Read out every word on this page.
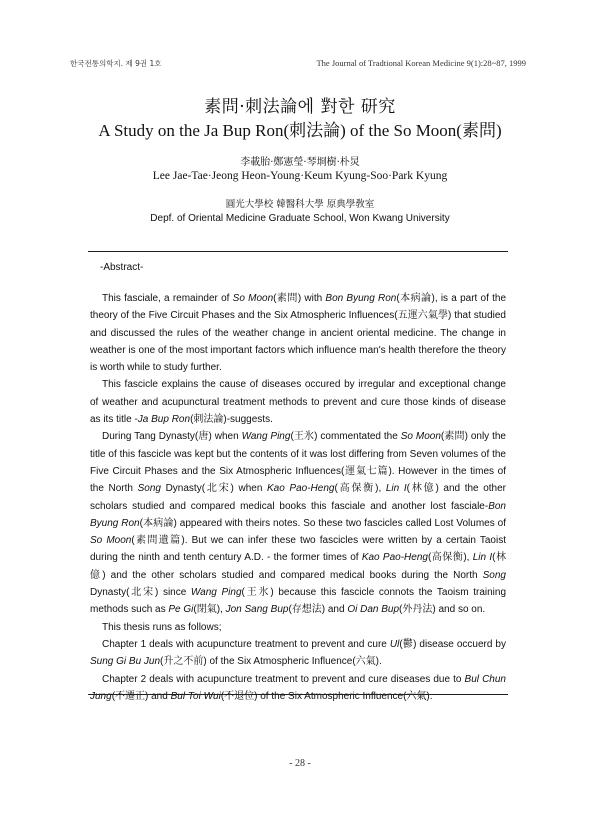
한국전통의학지. 제 9권 1호	The Journal of Tradtional Korean Medicine 9(1):28~87, 1999
素問·刺法論에 對한 研究
A Study on the Ja Bup Ron(刺法論) of the So Moon(素問)
李載胎·鄭憲瑩·琴埛樹·朴炅
Lee Jae-Tae·Jeong Heon-Young·Keum Kyung-Soo·Park Kyung
圓光大學校 韓醫科大學 原典學敎室
Depf. of Oriental Medicine Graduate School, Won Kwang University
-Abstract-

This fasciale, a remainder of So Moon(素問) with Bon Byung Ron(本病論), is a part of the theory of the Five Circuit Phases and the Six Atmospheric Influences(五運六氣學) that studied and discussed the rules of the weather change in ancient oriental medicine. The change in weather is one of the most important factors which influence man's health therefore the theory is worth while to study further.

This fascicle explains the cause of diseases occured by irregular and exceptional change of weather and acupunctural treatment methods to prevent and cure those kinds of disease as its title -Ja Bup Ron(刺法論)-suggests.

During Tang Dynasty(唐) when Wang Ping(王氷) commentated the So Moon(素問) only the title of this fascicle was kept but the contents of it was lost differing from Seven volumes of the Five Circuit Phases and the Six Atmospheric Influences(運氣七篇). However in the times of the North Song Dynasty(北宋) when Kao Pao-Heng(高保衡), Lin I(林億) and the other scholars studied and compared medical books this fasciale and another lost fasciale-Bon Byung Ron(本病論) appeared with theirs notes. So these two fascicles called Lost Volumes of So Moon(素問遺篇). But we can infer these two fascicles were written by a certain Taoist during the ninth and tenth century A.D. - the former times of Kao Pao-Heng(高保衡), Lin I(林億) and the other scholars studied and compared medical books during the North Song Dynasty(北宋) since Wang Ping(王氷) because this fascicle connots the Taoism training methods such as Pe Gi(閉氣), Jon Sang Bup(存想法) and Oi Dan Bup(外丹法) and so on.

This thesis runs as follows;

Chapter 1 deals with acupuncture treatment to prevent and cure Ul(鬱) disease occuerd by Sung Gi Bu Jun(升之不前) of the Six Atmospheric Influence(六氣).

Chapter 2 deals with acupuncture treatment to prevent and cure diseases due to Bul Chun Jung(不遷正) and Bul Toi Wui(不退位) of the Six Atmospheric Influence(六氣).

- 28 -
